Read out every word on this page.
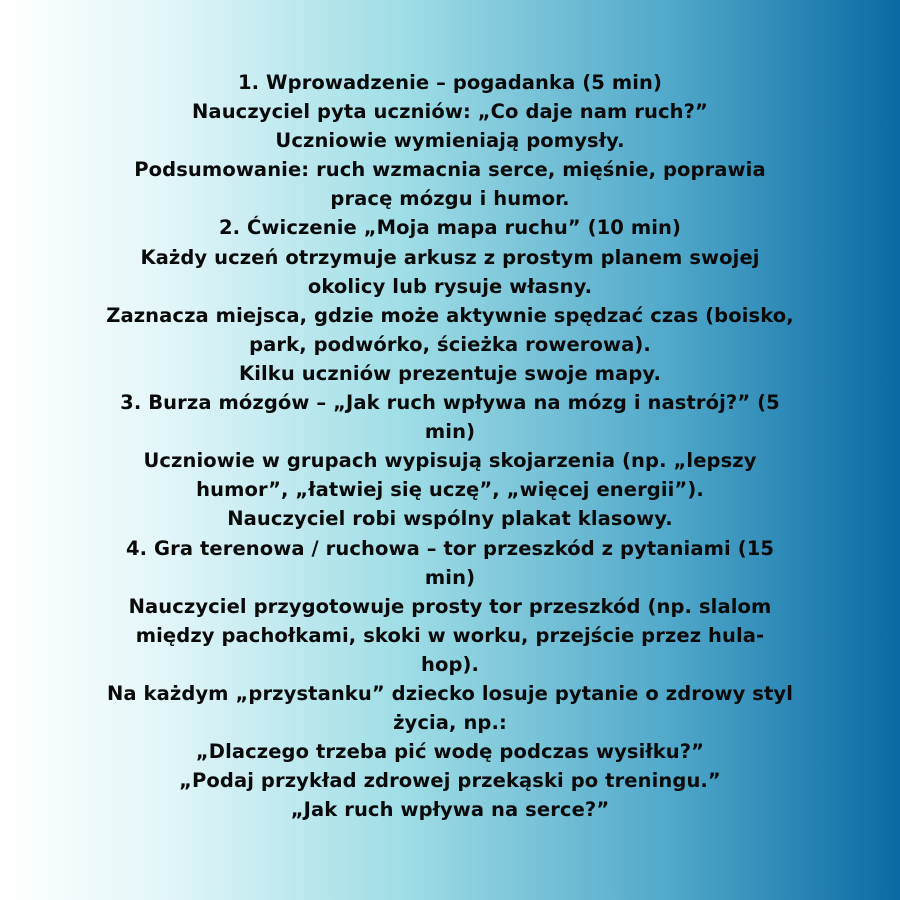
1. Wprowadzenie – pogadanka (5 min)
Nauczyciel pyta uczniów: „Co daje nam ruch?”
Uczniowie wymieniają pomysły.
Podsumowanie: ruch wzmacnia serce, mięśnie, poprawia
pracę mózgu i humor.
2. Ćwiczenie „Moja mapa ruchu” (10 min)
Każdy uczeń otrzymuje arkusz z prostym planem swojej
okolicy lub rysuje własny.
Zaznacza miejsca, gdzie może aktywnie spędzać czas (boisko,
park, podwórko, ścieżka rowerowa).
Kilku uczniów prezentuje swoje mapy.
3. Burza mózgów – „Jak ruch wpływa na mózg i nastrój?” (5
min)
Uczniowie w grupach wypisują skojarzenia (np. „lepszy
humor”, „łatwiej się uczę”, „więcej energii”).
Nauczyciel robi wspólny plakat klasowy.
4. Gra terenowa / ruchowa – tor przeszkód z pytaniami (15
min)
Nauczyciel przygotowuje prosty tor przeszkód (np. slalom
między pachołkami, skoki w worku, przejście przez hula-
hop).
Na każdym „przystanku” dziecko losuje pytanie o zdrowy styl
życia, np.:
„Dlaczego trzeba pić wodę podczas wysiłku?”
„Podaj przykład zdrowej przekąski po treningu.”
„Jak ruch wpływa na serce?”
